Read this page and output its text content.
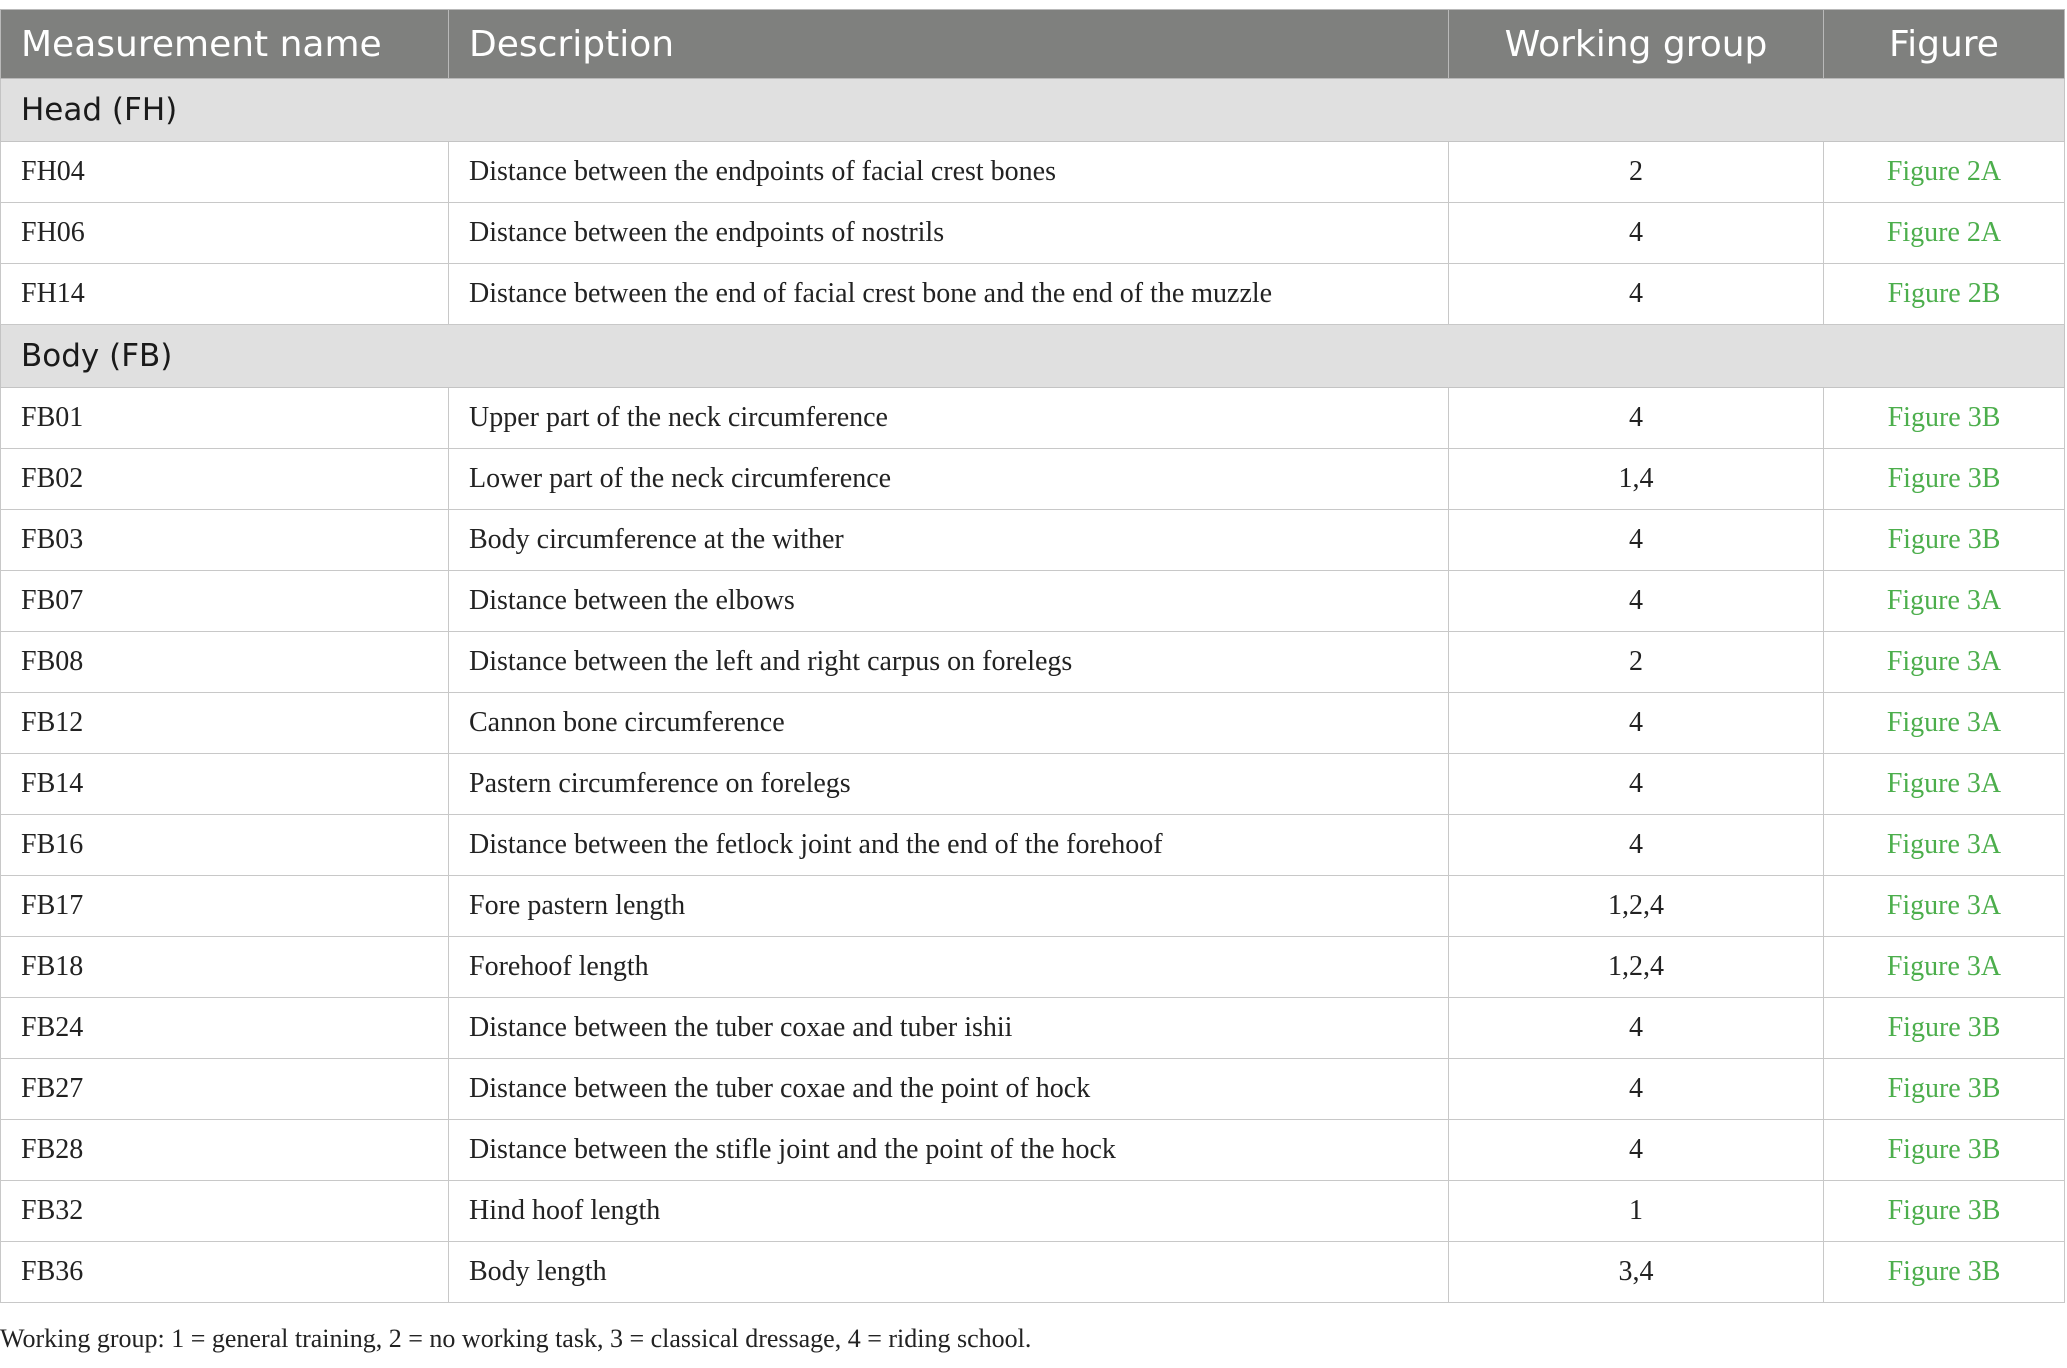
Measurement name	Description	Working group	Figure
Head (FH)			
FH04	Distance between the endpoints of facial crest bones	2	Figure 2A
FH06	Distance between the endpoints of nostrils	4	Figure 2A
FH14	Distance between the end of facial crest bone and the end of the muzzle	4	Figure 2B
Body (FB)			
FB01	Upper part of the neck circumference	4	Figure 3B
FB02	Lower part of the neck circumference	1,4	Figure 3B
FB03	Body circumference at the wither	4	Figure 3B
FB07	Distance between the elbows	4	Figure 3A
FB08	Distance between the left and right carpus on forelegs	2	Figure 3A
FB12	Cannon bone circumference	4	Figure 3A
FB14	Pastern circumference on forelegs	4	Figure 3A
FB16	Distance between the fetlock joint and the end of the forehoof	4	Figure 3A
FB17	Fore pastern length	1,2,4	Figure 3A
FB18	Forehoof length	1,2,4	Figure 3A
FB24	Distance between the tuber coxae and tuber ishii	4	Figure 3B
FB27	Distance between the tuber coxae and the point of hock	4	Figure 3B
FB28	Distance between the stifle joint and the point of the hock	4	Figure 3B
FB32	Hind hoof length	1	Figure 3B
FB36	Body length	3,4	Figure 3B
Working group: 1 = general training, 2 = no working task, 3 = classical dressage, 4 = riding school.
